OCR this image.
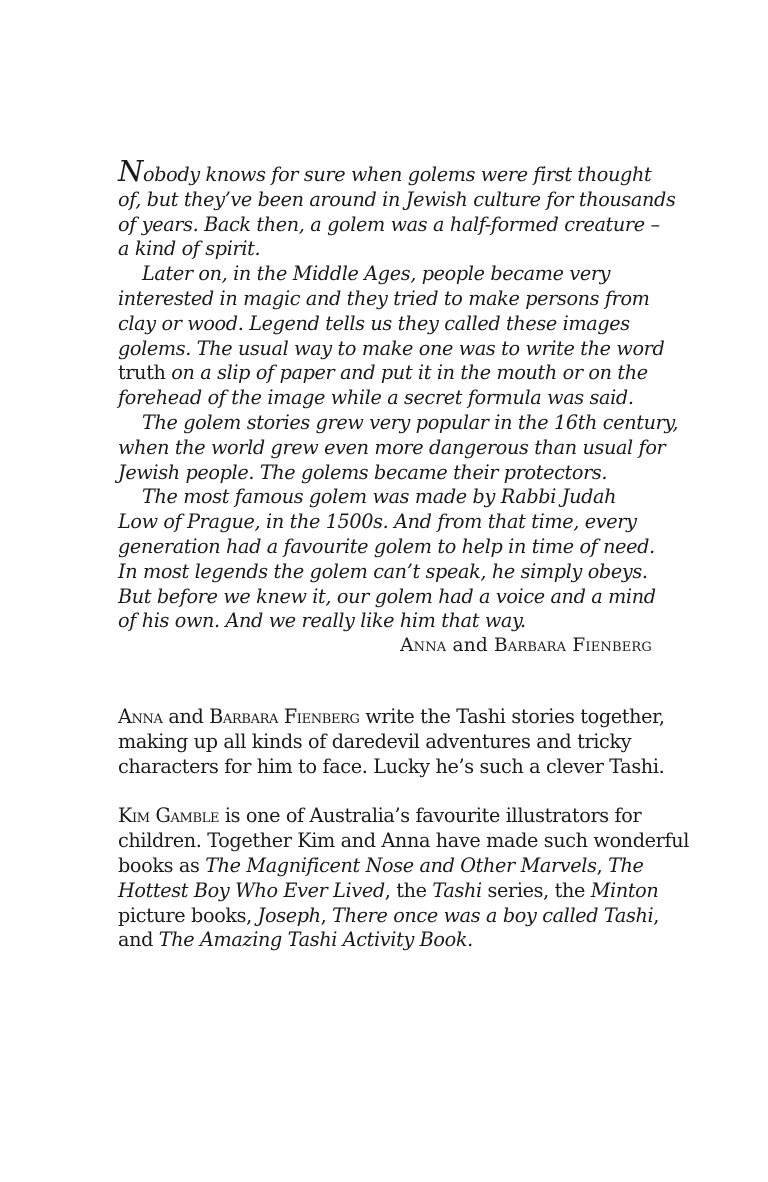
Nobody knows for sure when golems were first thought

of, but they’ve been around in Jewish culture for thousands

of years. Back then, a golem was a half-formed creature –

a kind of spirit.

Later on, in the Middle Ages, people became very

interested in magic and they tried to make persons from

clay or wood. Legend tells us they called these images

golems. The usual way to make one was to write the word

truth on a slip of paper and put it in the mouth or on the

forehead of the image while a secret formula was said.

The golem stories grew very popular in the 16th century,

when the world grew even more dangerous than usual for

Jewish people. The golems became their protectors.

The most famous golem was made by Rabbi Judah

Low of Prague, in the 1500s. And from that time, every

generation had a favourite golem to help in time of need.

In most legends the golem can’t speak, he simply obeys.

But before we knew it, our golem had a voice and a mind

of his own. And we really like him that way.

Anna and Barbara Fienberg

Anna and Barbara Fienberg write the Tashi stories together,
making up all kinds of daredevil adventures and tricky
characters for him to face. Lucky he’s such a clever Tashi.

Kim Gamble is one of Australia’s favourite illustrators for
children. Together Kim and Anna have made such wonderful
books as The Magnificent Nose and Other Marvels, The
Hottest Boy Who Ever Lived, the Tashi series, the Minton
picture books, Joseph, There once was a boy called Tashi,
and The Amazing Tashi Activity Book.
